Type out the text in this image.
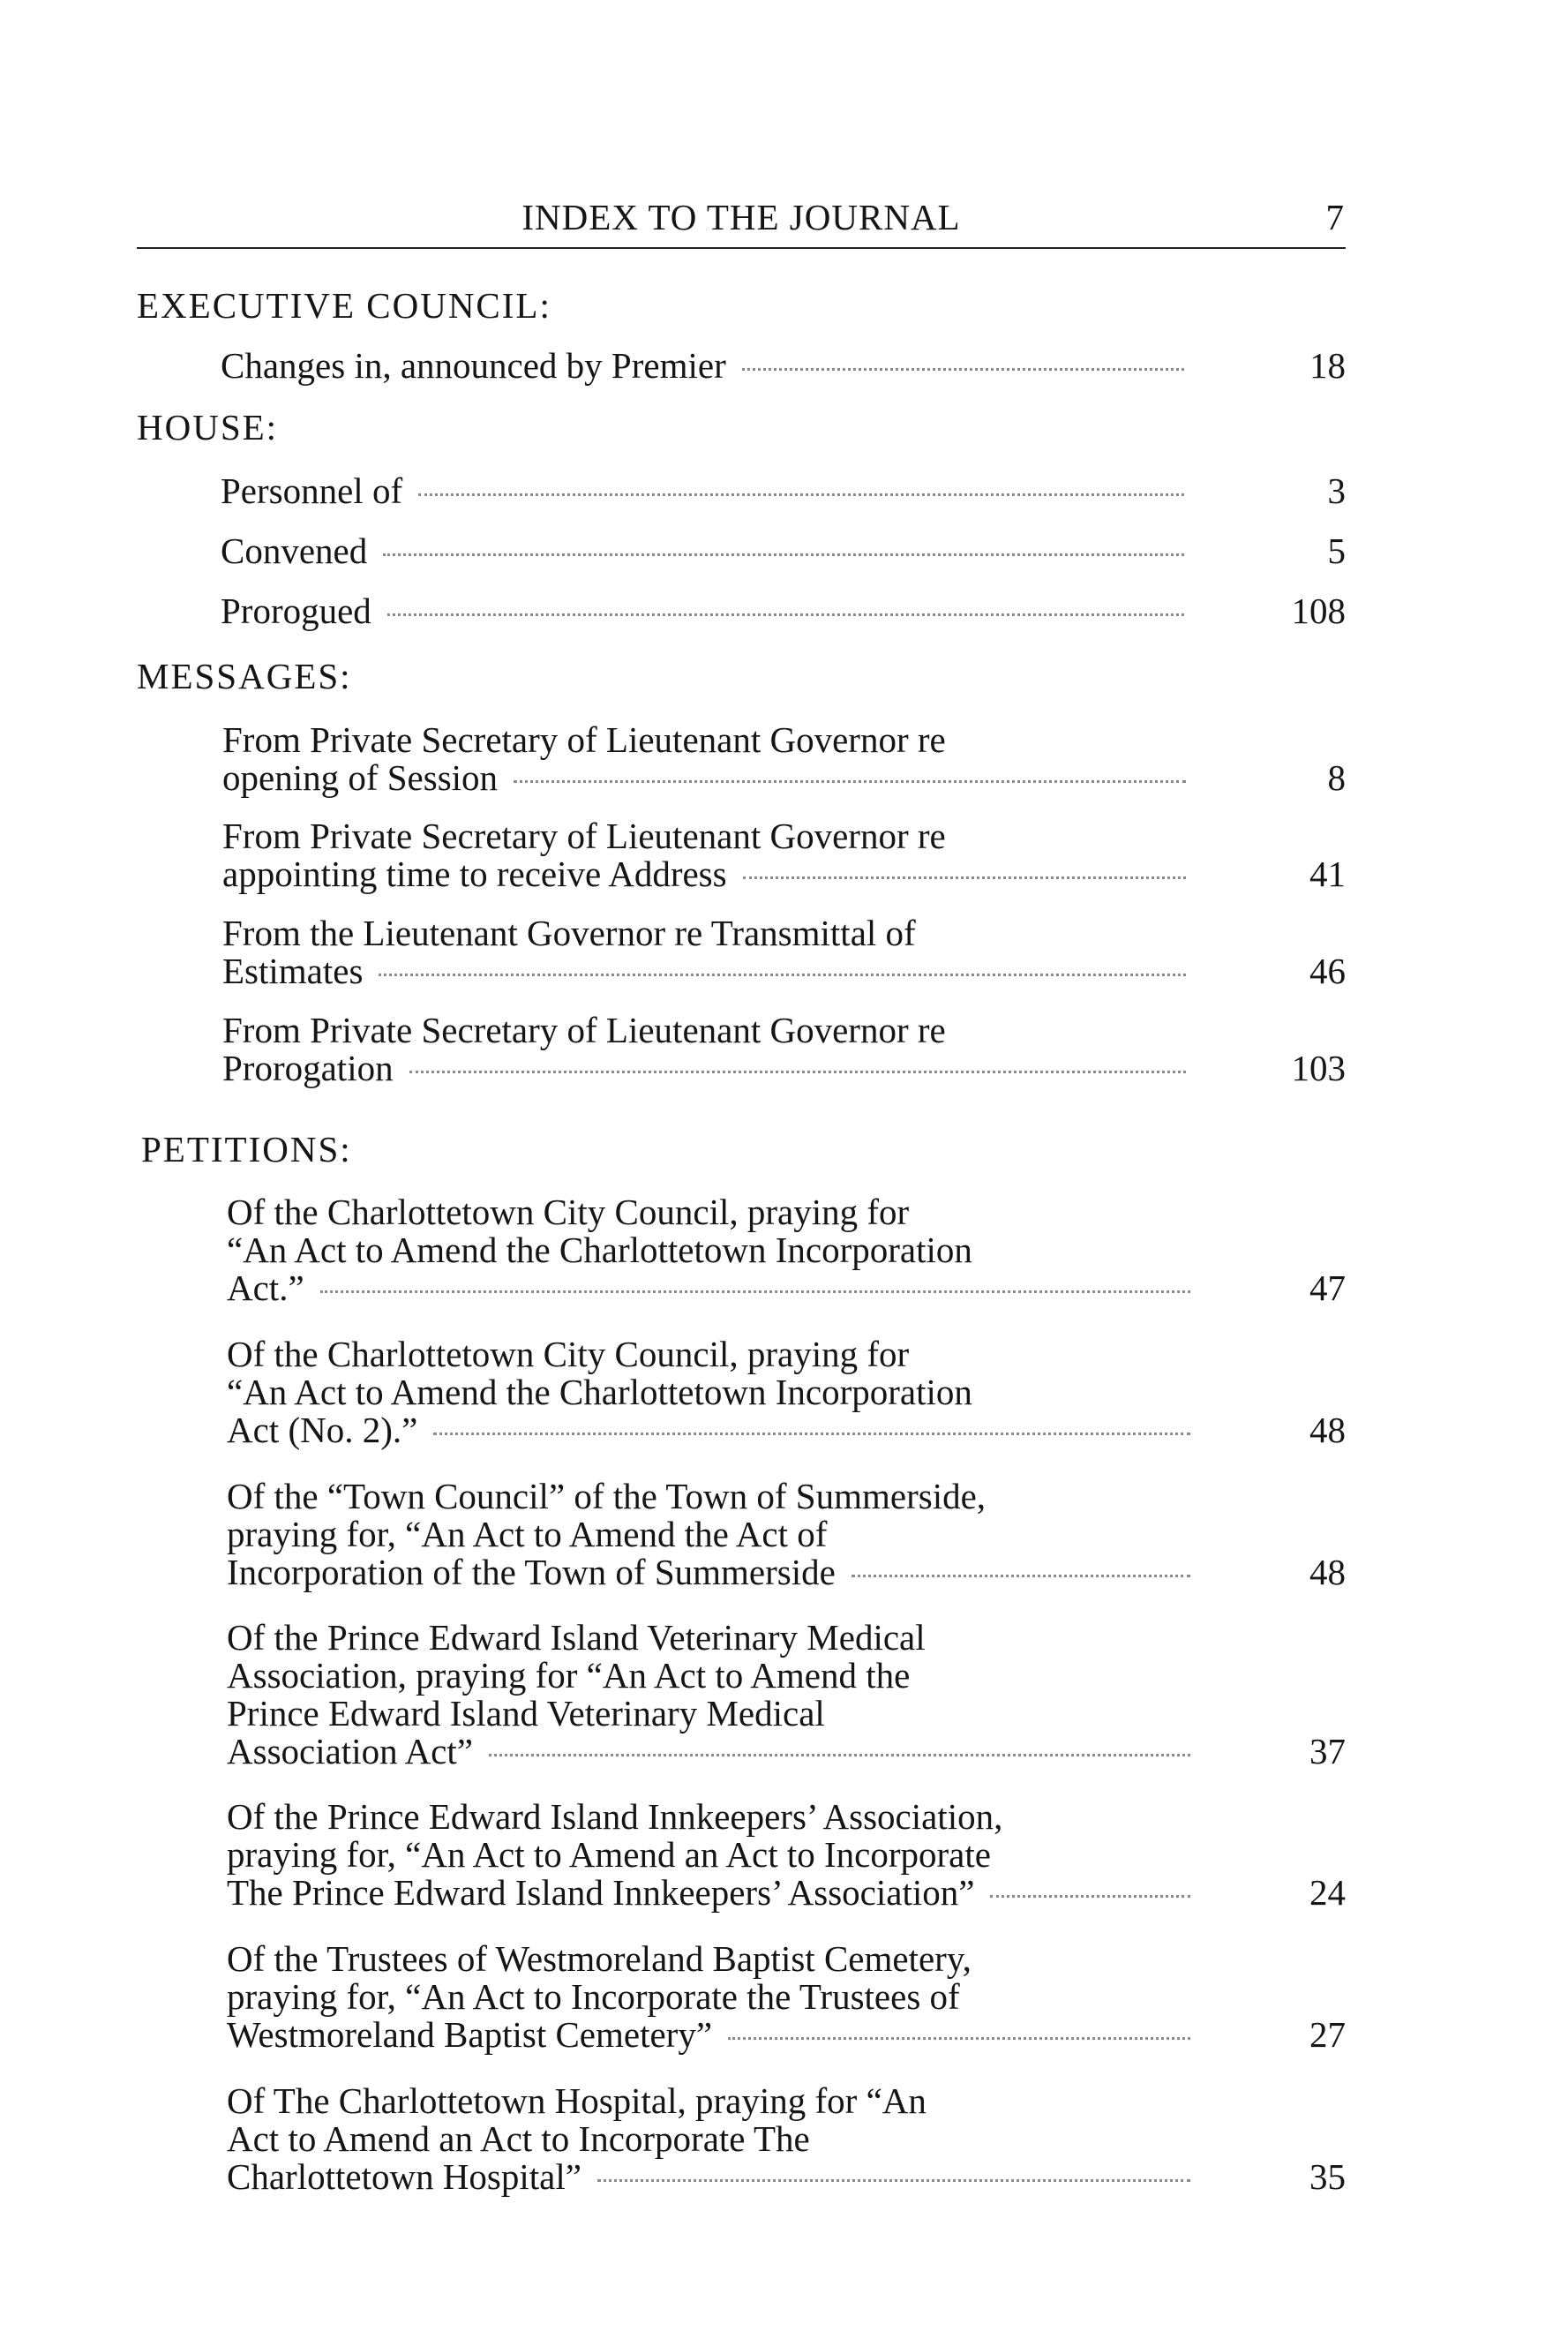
INDEX TO THE JOURNAL	7
EXECUTIVE COUNCIL:
Changes in, announced by Premier	18
HOUSE:
Personnel of	3
Convened	5
Prorogued	108
MESSAGES:
From Private Secretary of Lieutenant Governor re
opening of Session	8
From Private Secretary of Lieutenant Governor re
appointing time to receive Address	41
From the Lieutenant Governor re Transmittal of
Estimates	46
From Private Secretary of Lieutenant Governor re
Prorogation	103
PETITIONS:
Of the Charlottetown City Council, praying for
“An Act to Amend the Charlottetown Incorporation
Act.”	47
Of the Charlottetown City Council, praying for
“An Act to Amend the Charlottetown Incorporation
Act (No. 2).”	48
Of the “Town Council” of the Town of Summerside,
praying for, “An Act to Amend the Act of
Incorporation of the Town of Summerside	48
Of the Prince Edward Island Veterinary Medical
Association, praying for “An Act to Amend the
Prince Edward Island Veterinary Medical
Association Act”	37
Of the Prince Edward Island Innkeepers’ Association,
praying for, “An Act to Amend an Act to Incorporate
The Prince Edward Island Innkeepers’ Association”	24
Of the Trustees of Westmoreland Baptist Cemetery,
praying for, “An Act to Incorporate the Trustees of
Westmoreland Baptist Cemetery”	27
Of The Charlottetown Hospital, praying for “An
Act to Amend an Act to Incorporate The
Charlottetown Hospital”	35
